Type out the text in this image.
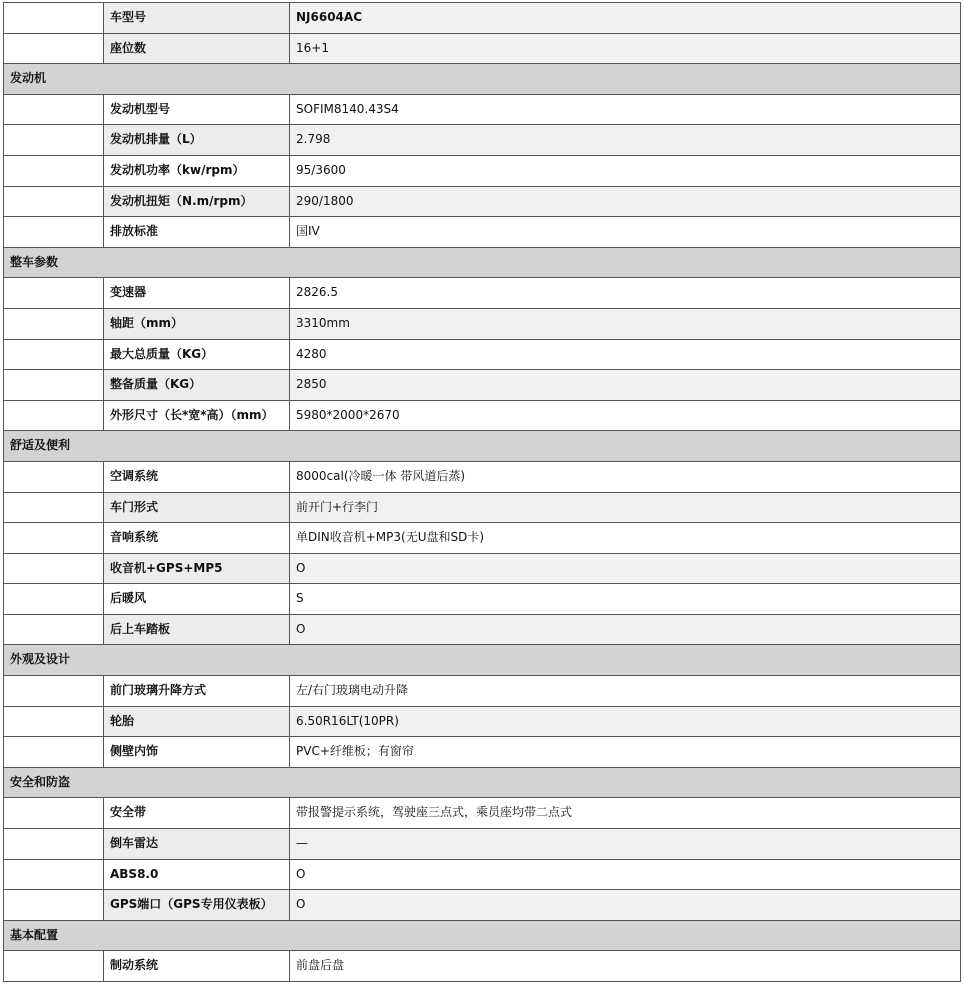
	车型号	NJ6604AC
	座位数	16+1
发动机		
	发动机型号	SOFIM8140.43S4
	发动机排量（L）	2.798
	发动机功率（kw/rpm）	95/3600
	发动机扭矩（N.m/rpm）	290/1800
	排放标准	国IV
整车参数		
	变速器	2826.5
	轴距（mm）	3310mm
	最大总质量（KG）	4280
	整备质量（KG）	2850
	外形尺寸（长*宽*高）（mm）	5980*2000*2670
舒适及便利		
	空调系统	8000cal(冷暖一体 带风道后蒸)
	车门形式	前开门+行李门
	音响系统	单DIN收音机+MP3(无U盘和SD卡)
	收音机+GPS+MP5	O
	后暖风	S
	后上车踏板	O
外观及设计		
	前门玻璃升降方式	左/右门玻璃电动升降
	轮胎	6.50R16LT(10PR)
	侧壁内饰	PVC+纤维板；有窗帘
安全和防盗		
	安全带	带报警提示系统，驾驶座三点式，乘员座均带二点式
	倒车雷达	—
	ABS8.0	O
	GPS端口（GPS专用仪表板）	O
基本配置		
	制动系统	前盘后盘
